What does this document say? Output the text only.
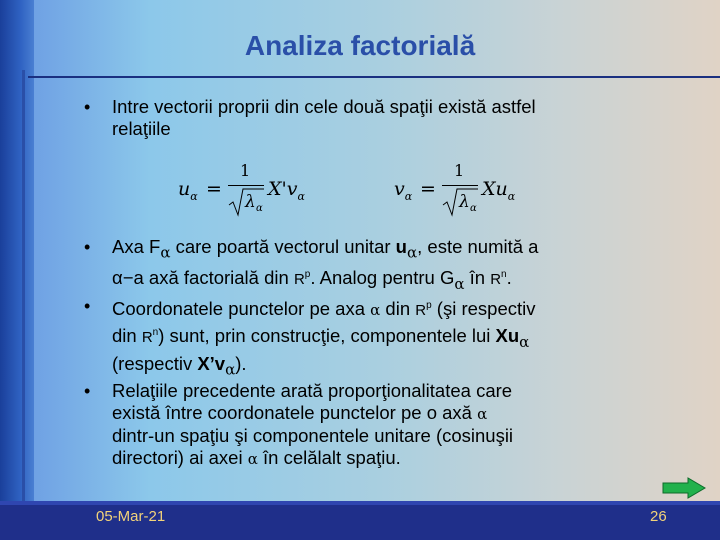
Analiza factorială
• Intre vectorii proprii din cele două spaţii există astfel
relaţiile
$u_\alpha$ =
1
λ α
$X'v_\alpha$	$v_\alpha$ =
1
λ α
$Xu_\alpha$
• Axa $F_\alpha$ care poartă vectorul unitar $u_\alpha$, este numită a
α−a axă factorială din $R^p$. Analog pentru $G_\alpha$ în $R^n$.
• Coordonatele punctelor pe axa α din $R^p$ (şi respectiv
din $R^n$) sunt, prin construcţie, componentele lui $Xu_\alpha$
(respectiv $X’v_\alpha$).
• Relaţiile precedente arată proporţionalitatea care
există între coordonatele punctelor pe o axă α
dintr-un spaţiu şi componentele unitare (cosinuşii
directori) ai axei α în celălalt spaţiu.
05-Mar-21	26
